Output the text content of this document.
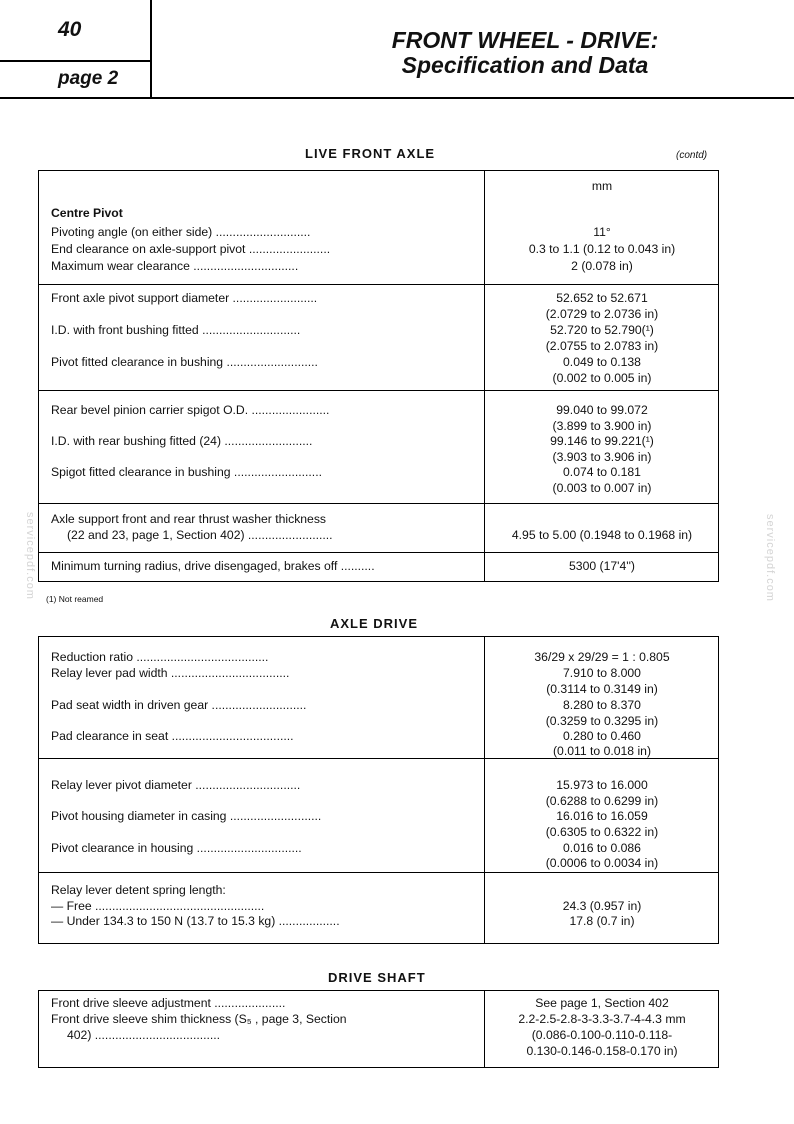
40
page 2
FRONT WHEEL - DRIVE:
Specification and Data
servicepdf.com	servicepdf.com
LIVE FRONT AXLE	(contd)
mm
Centre Pivot
Pivoting angle (on either side) ............................	11°
End clearance on axle-support pivot ........................	0.3 to 1.1 (0.12 to 0.043 in)
Maximum wear clearance ...............................	2 (0.078 in)
Front axle pivot support diameter .........................	52.652 to 52.671
(2.0729 to 2.0736 in)
I.D. with front bushing fitted .............................	52.720 to 52.790(¹)
(2.0755 to 2.0783 in)
Pivot fitted clearance in bushing ...........................	0.049 to 0.138
(0.002 to 0.005 in)
Rear bevel pinion carrier spigot O.D. .......................	99.040 to 99.072
(3.899 to 3.900 in)
I.D. with rear bushing fitted (24) ..........................	99.146 to 99.221(¹)
(3.903 to 3.906 in)
Spigot fitted clearance in bushing ..........................	0.074 to 0.181
(0.003 to 0.007 in)
Axle support front and rear thrust washer thickness
(22 and 23, page 1, Section 402) .........................	4.95 to 5.00 (0.1948 to 0.1968 in)
Minimum turning radius, drive disengaged, brakes off ..........	5300 (17'4'')
(1) Not reamed
AXLE DRIVE
Reduction ratio .......................................	36/29 x 29/29 = 1 : 0.805
Relay lever pad width ...................................	7.910 to 8.000
(0.3114 to 0.3149 in)
Pad seat width in driven gear ............................	8.280 to 8.370
(0.3259 to 0.3295 in)
Pad clearance in seat ....................................	0.280 to 0.460
(0.011 to 0.018 in)
Relay lever pivot diameter ...............................	15.973 to 16.000
(0.6288 to 0.6299 in)
Pivot housing diameter in casing ...........................	16.016 to 16.059
(0.6305 to 0.6322 in)
Pivot clearance in housing ...............................	0.016 to 0.086
(0.0006 to 0.0034 in)
Relay lever detent spring length:
— Free ..................................................	24.3 (0.957 in)
— Under 134.3 to 150 N (13.7 to 15.3 kg) ..................	17.8 (0.7 in)
DRIVE SHAFT
Front drive sleeve adjustment .....................	See page 1, Section 402
Front drive sleeve shim thickness (S₅ , page 3, Section	2.2-2.5-2.8-3-3.3-3.7-4-4.3 mm
402) .....................................	(0.086-0.100-0.110-0.118-
0.130-0.146-0.158-0.170 in)
